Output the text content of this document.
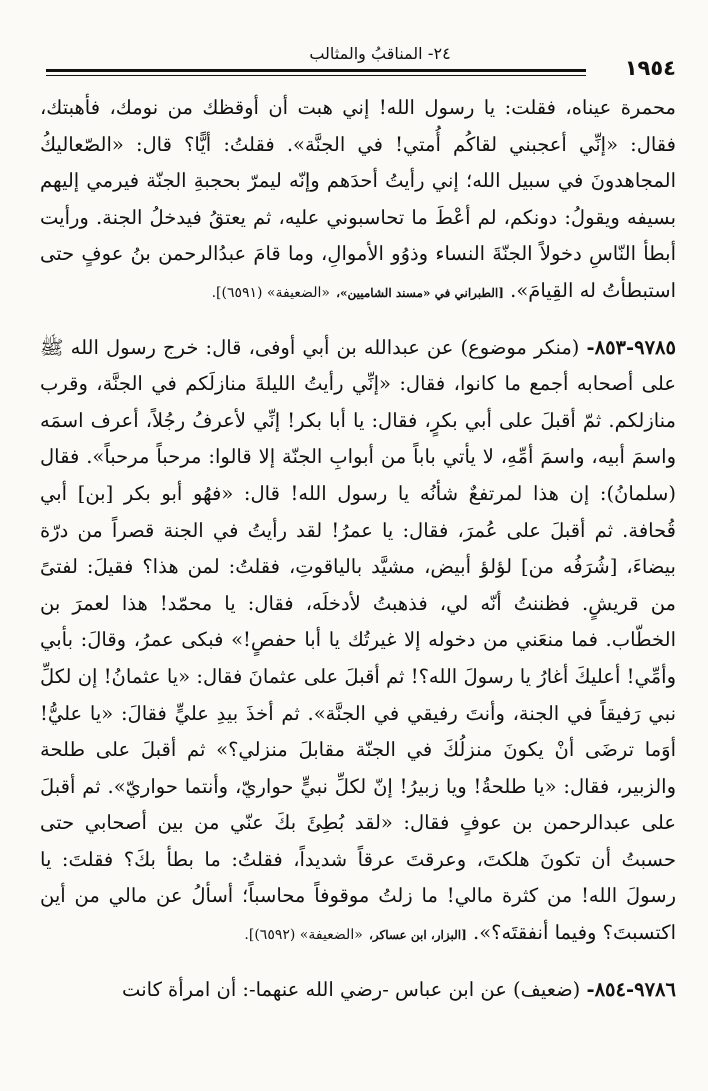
١٩٥٤
٢٤- المناقبُ والمثالب

محمرة عيناه، فقلت: يا رسول الله! إني هبت أن أوقظك من نومك، فأهبتك، فقال: «إنِّي أعجبني لقاكُم أُمتي! في الجنَّة». فقلتُ: أيًّا؟ قال: «الصّعاليكُ المجاهدونَ في سبيل الله؛ إني رأيتُ أحدَهم وإنّه ليمرّ بحجبةِ الجنّة فيرمي إليهم بسيفه ويقولُ: دونكم، لم أعْطَ ما تحاسبوني عليه، ثم يعتقُ فيدخلُ الجنة. ورأيت أبطأ النّاسِ دخولاً الجنّةَ النساء وذوُو الأموالِ، وما قامَ عبدُالرحمن بنُ عوفٍ حتى استبطأتُ له القِيامَ». [الطبراني في «مسند الشاميين»، «الضعيفة» (٦٥٩١)].

٩٧٨٥-٨٥٣- (منكر موضوع) عن عبدالله بن أبي أوفى، قال: خرج رسول الله ﷺ على أصحابه أجمع ما كانوا، فقال: «إنِّي رأيتُ الليلةَ منازلَكم في الجنَّة، وقرب منازلكم. ثمّ أقبلَ على أبي بكرٍ، فقال: يا أبا بكر! إنِّي لأعرفُ رجُلاً، أعرف اسمَه واسمَ أبيه، واسمَ أمِّهِ، لا يأتي باباً من أبوابِ الجنّة إلا قالوا: مرحباً مرحباً». فقال (سلمانُ): إن هذا لمرتفعٌ شأنُه يا رسول الله! قال: «فهُو أبو بكر [بن] أبي قُحافة. ثم أقبلَ على عُمرَ، فقال: يا عمرُ! لقد رأيتُ في الجنة قصراً من درّة بيضاءَ، [شُرَفُه من] لؤلؤ أبيض، مشيَّد بالياقوتِ، فقلتُ: لمن هذا؟ فقيلَ: لفتىً من قريشٍ. فظننتُ أنّه لي، فذهبتُ لأدخلَه، فقال: يا محمّد! هذا لعمرَ بن الخطّاب. فما منعَني من دخوله إلا غيرتُك يا أبا حفصٍ!» فبكى عمرُ، وقالَ: بأبي وأمِّي! أعليكَ أغارُ يا رسولَ الله؟! ثم أقبلَ على عثمانَ فقال: «يا عثمانُ! إن لكلِّ نبي رَفيقاً في الجنة، وأنتَ رفيقي في الجنَّة». ثم أخذَ بيدِ عليٍّ فقالَ: «يا عليُّ! أوَما ترضَى أنْ يكونَ منزلُكَ في الجنّة مقابلَ منزلي؟» ثم أقبلَ على طلحة والزبير، فقال: «يا طلحةُ! ويا زبيرُ! إنّ لكلِّ نبيٍّ حواريّ، وأنتما حواريّ». ثم أقبلَ على عبدالرحمن بن عوفٍ فقال: «لقد بُطِئَ بكَ عنّي من بين أصحابي حتى حسبتُ أن تكونَ هلكتَ، وعرقتَ عرقاً شديداً، فقلتُ: ما بطأ بكَ؟ فقلتَ: يا رسولَ الله! من كثرة مالي! ما زلتُ موقوفاً محاسباً؛ أسألُ عن مالي من أين اكتسبتَ؟ وفيما أنفقتَه؟». [البزار، ابن عساكر، «الضعيفة» (٦٥٩٢)].

٩٧٨٦-٨٥٤- (ضعيف) عن ابن عباس -رضي الله عنهما-: أن امرأة كانت
